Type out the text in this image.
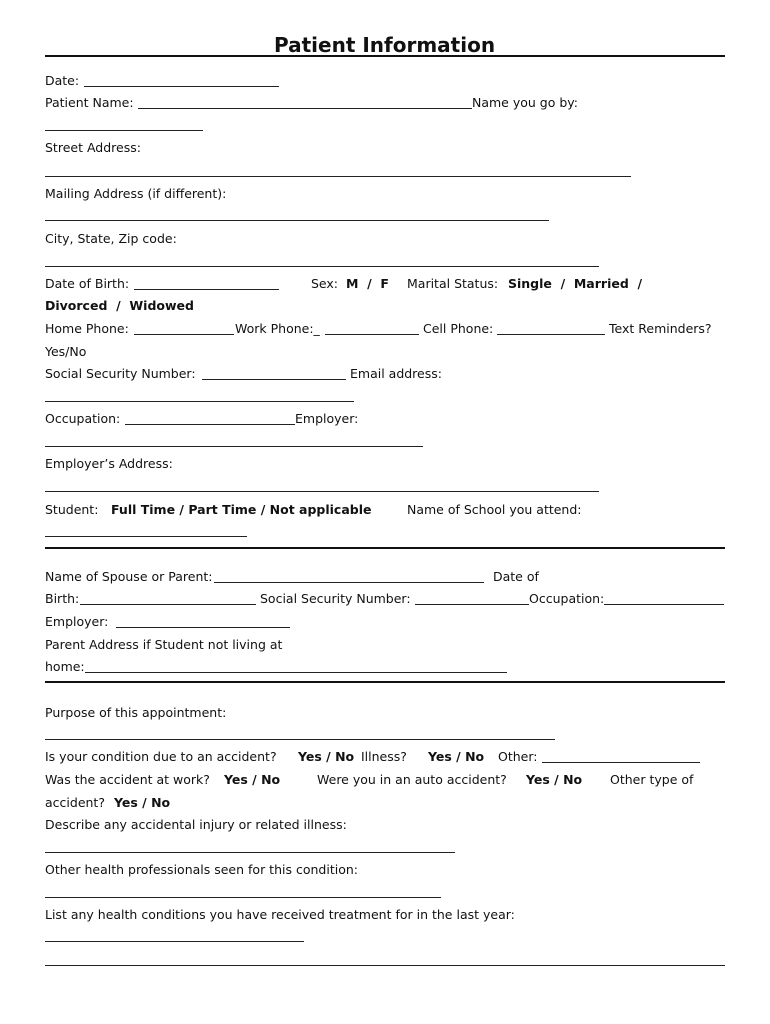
Patient Information
Date:
Patient Name:	Name you go by:
Street Address:
Mailing Address (if different):
City, State, Zip code:
Date of Birth:	Sex: M  /  F Marital Status: Single  /  Married  /
Divorced  /  Widowed
Home Phone:	Work Phone:_	Cell Phone:	Text Reminders?
Yes/No
Social Security Number:	Email address:
Occupation:	Employer:
Employer’s Address:
Student: Full Time / Part Time / Not applicable	Name of School you attend:
Name of Spouse or Parent:	Date of
Birth:	Social Security Number:	Occupation:
Employer:
Parent Address if Student not living at
home:
Purpose of this appointment:
Is your condition due to an accident? Yes / No Illness? Yes / No Other:
Was the accident at work? Yes / No	Were you in an auto accident? Yes / No Other type of
accident? Yes / No
Describe any accidental injury or related illness:
Other health professionals seen for this condition:
List any health conditions you have received treatment for in the last year:
